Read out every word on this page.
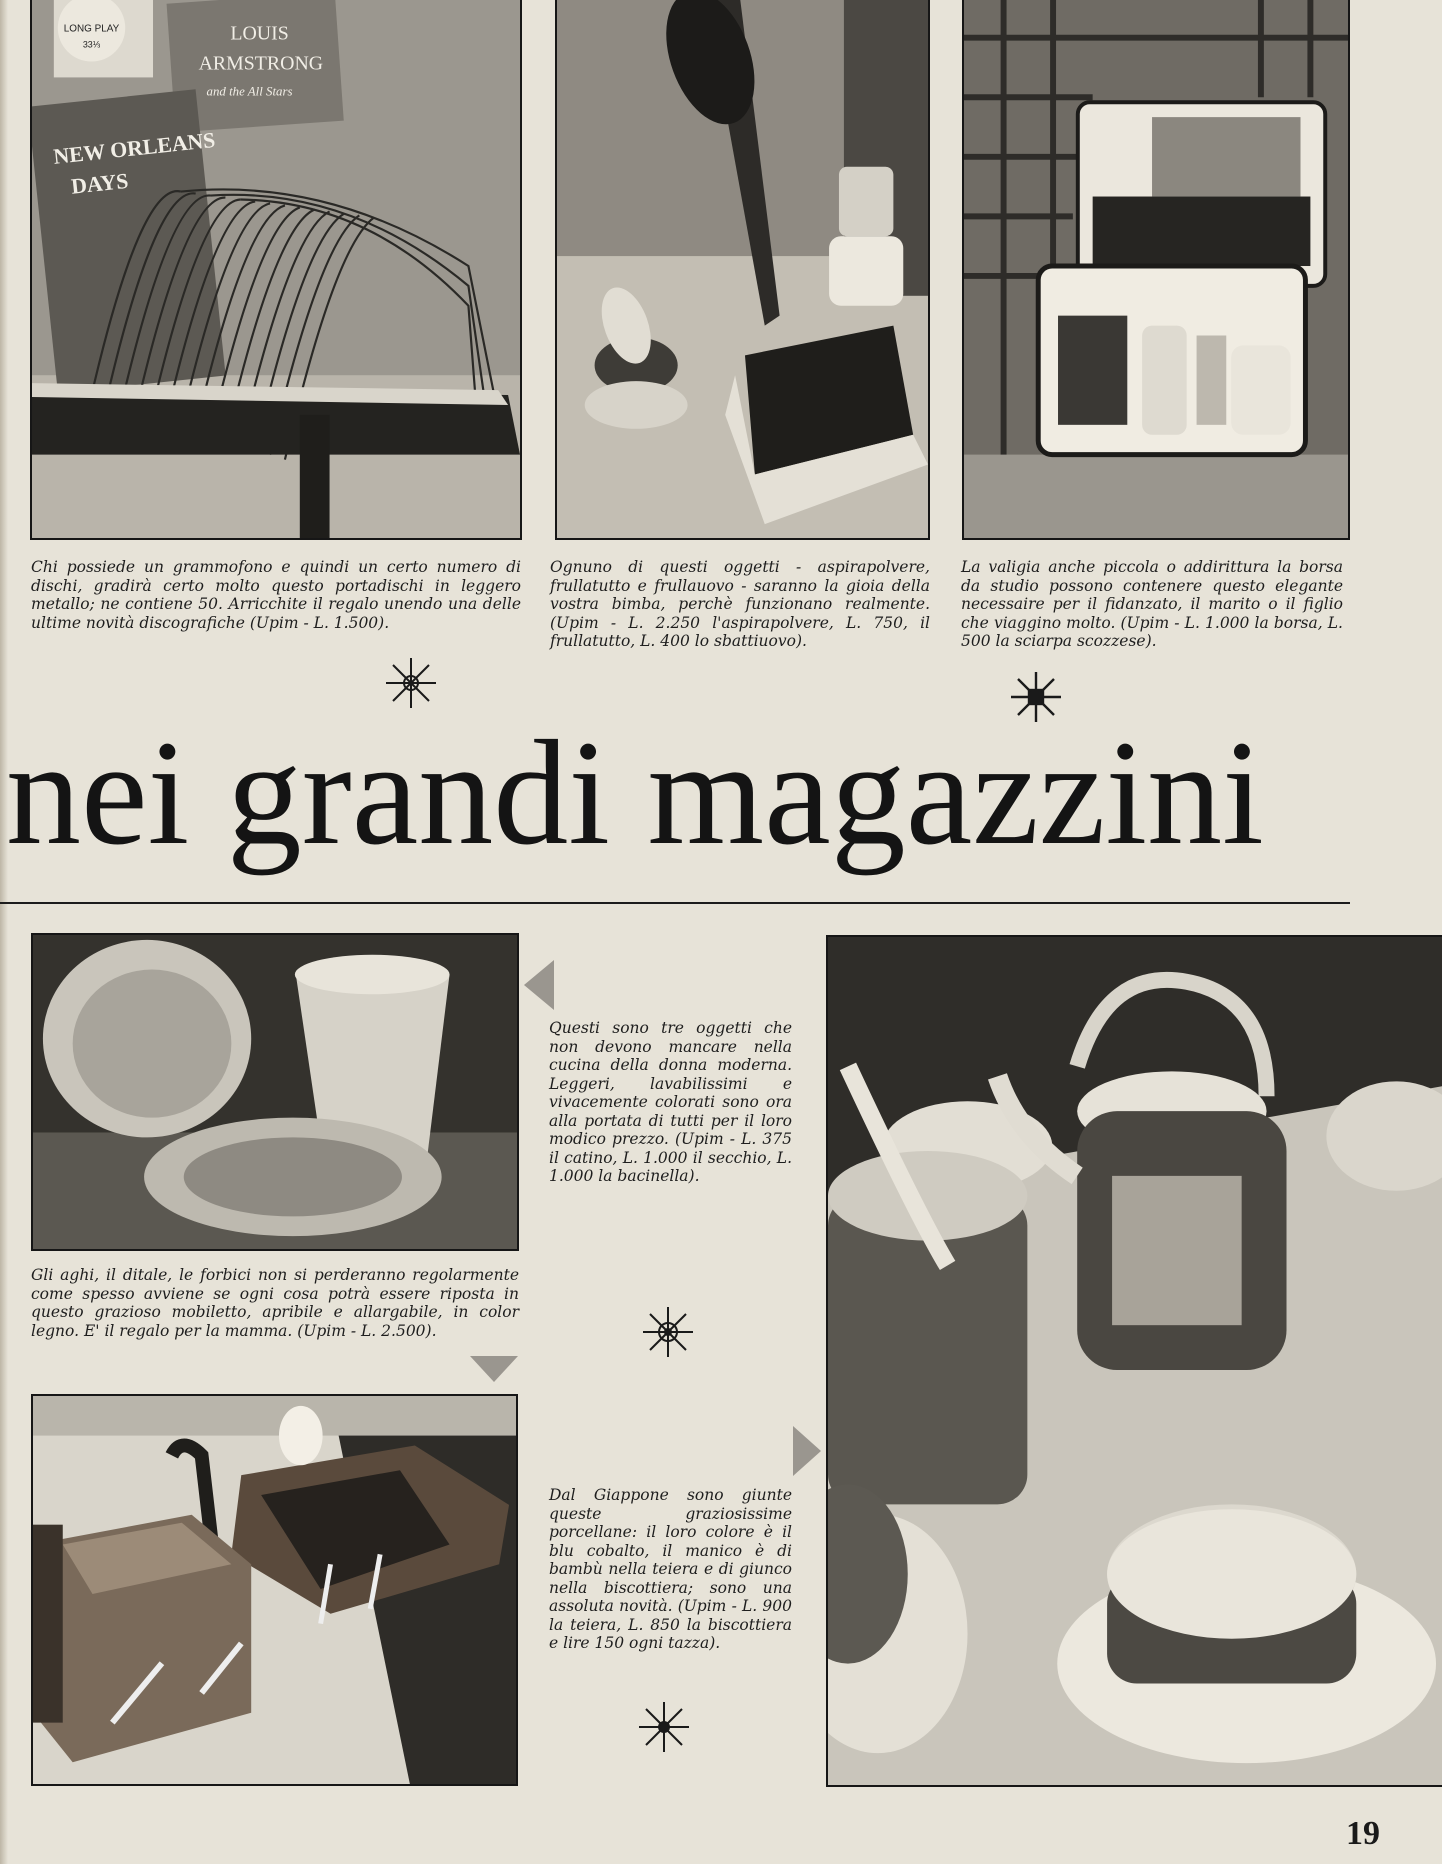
LONG PLAY
33⅓	LOUIS
ARMSTRONG
and the All Stars
NEW ORLEANS
DAYS

Chi possiede un grammofono e quindi un certo numero di dischi, gradirà certo molto questo portadischi in leggero metallo; ne contiene 50. Arricchite il regalo unendo una delle ultime novità discografiche (Upim - L. 1.500).

Ognuno di questi oggetti - aspirapolvere, frullatutto e frullauovo - saranno la gioia della vostra bimba, perchè funzionano realmente. (Upim - L. 2.250 l'aspirapolvere, L. 750, il frullatutto, L. 400 lo sbattiuovo).

La valigia anche piccola o addirittura la borsa da studio possono contenere questo elegante necessaire per il fidanzato, il marito o il figlio che viaggino molto. (Upim - L. 1.000 la borsa, L. 500 la sciarpa scozzese).

nei grandi magazzini

Questi sono tre oggetti che non devono mancare nella cucina della donna moderna. Leggeri, lavabilissimi e vivacemente colorati sono ora alla portata di tutti per il loro modico prezzo. (Upim - L. 375 il catino, L. 1.000 il secchio, L. 1.000 la bacinella).

Gli aghi, il ditale, le forbici non si perderanno regolarmente come spesso avviene se ogni cosa potrà essere riposta in questo grazioso mobiletto, apribile e allargabile, in color legno. E' il regalo per la mamma. (Upim - L. 2.500).

Dal Giappone sono giunte queste graziosissime porcellane: il loro colore è il blu cobalto, il manico è di bambù nella teiera e di giunco nella biscottiera; sono una assoluta novità. (Upim - L. 900 la teiera, L. 850 la biscottiera e lire 150 ogni tazza).

19
